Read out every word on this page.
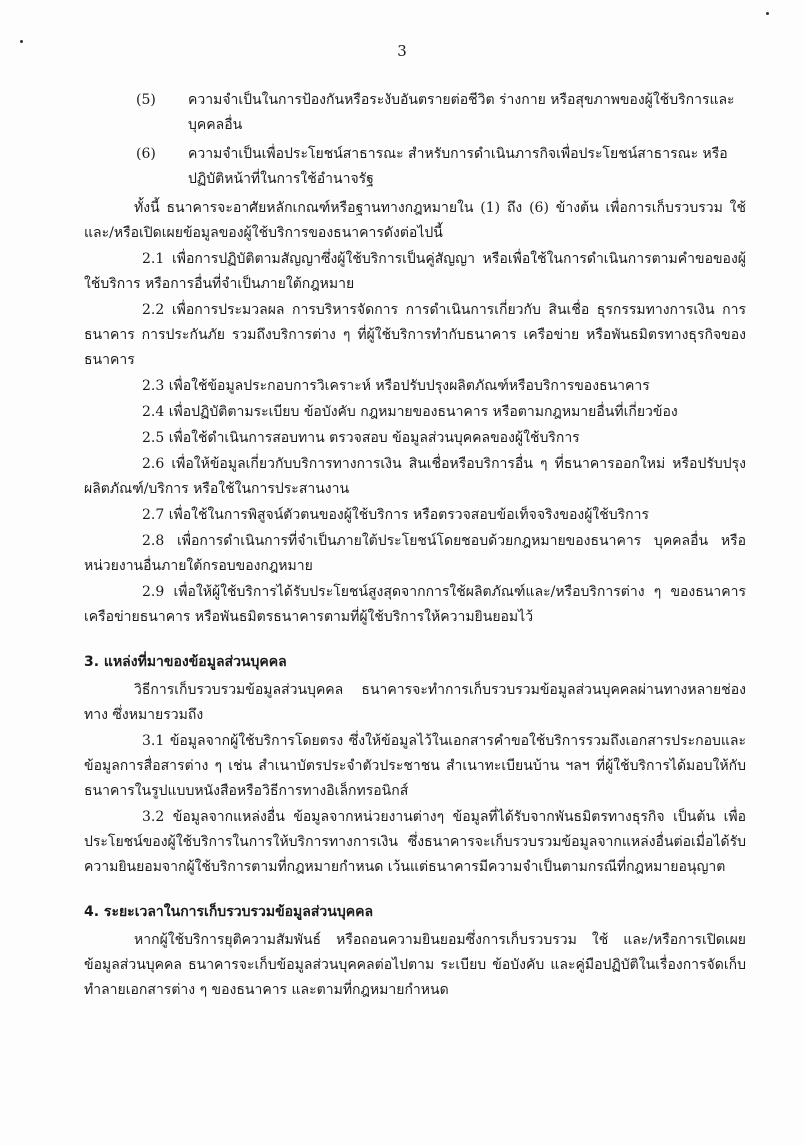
3
(5)	ความจำเป็นในการป้องกันหรือระงับอันตรายต่อชีวิต ร่างกาย หรือสุขภาพของผู้ใช้บริการและบุคคลอื่น
(6)	ความจำเป็นเพื่อประโยชน์สาธารณะ สำหรับการดำเนินภารกิจเพื่อประโยชน์สาธารณะ หรือปฏิบัติหน้าที่ในการใช้อำนาจรัฐ

ทั้งนี้ ธนาคารจะอาศัยหลักเกณฑ์หรือฐานทางกฎหมายใน (1) ถึง (6) ข้างต้น เพื่อการเก็บรวบรวม ใช้ และ/หรือเปิดเผยข้อมูลของผู้ใช้บริการของธนาคารดังต่อไปนี้

2.1 เพื่อการปฏิบัติตามสัญญาซึ่งผู้ใช้บริการเป็นคู่สัญญา หรือเพื่อใช้ในการดำเนินการตามคำขอของผู้ใช้บริการ หรือการอื่นที่จำเป็นภายใต้กฎหมาย

2.2 เพื่อการประมวลผล การบริหารจัดการ การดำเนินการเกี่ยวกับ สินเชื่อ ธุรกรรมทางการเงิน การธนาคาร การประกันภัย รวมถึงบริการต่าง ๆ ที่ผู้ใช้บริการทำกับธนาคาร เครือข่าย หรือพันธมิตรทางธุรกิจของธนาคาร

2.3 เพื่อใช้ข้อมูลประกอบการวิเคราะห์ หรือปรับปรุงผลิตภัณฑ์หรือบริการของธนาคาร

2.4 เพื่อปฏิบัติตามระเบียบ ข้อบังคับ กฎหมายของธนาคาร หรือตามกฎหมายอื่นที่เกี่ยวข้อง

2.5 เพื่อใช้ดำเนินการสอบทาน ตรวจสอบ ข้อมูลส่วนบุคคลของผู้ใช้บริการ

2.6 เพื่อให้ข้อมูลเกี่ยวกับบริการทางการเงิน สินเชื่อหรือบริการอื่น ๆ ที่ธนาคารออกใหม่ หรือปรับปรุงผลิตภัณฑ์/บริการ หรือใช้ในการประสานงาน

2.7 เพื่อใช้ในการพิสูจน์ตัวตนของผู้ใช้บริการ หรือตรวจสอบข้อเท็จจริงของผู้ใช้บริการ

2.8 เพื่อการดำเนินการที่จำเป็นภายใต้ประโยชน์โดยชอบด้วยกฎหมายของธนาคาร บุคคลอื่น หรือหน่วยงานอื่นภายใต้กรอบของกฎหมาย

2.9 เพื่อให้ผู้ใช้บริการได้รับประโยชน์สูงสุดจากการใช้ผลิตภัณฑ์และ/หรือบริการต่าง ๆ ของธนาคาร เครือข่ายธนาคาร หรือพันธมิตรธนาคารตามที่ผู้ใช้บริการให้ความยินยอมไว้

3. แหล่งที่มาของข้อมูลส่วนบุคคล

วิธีการเก็บรวบรวมข้อมูลส่วนบุคคล ธนาคารจะทำการเก็บรวบรวมข้อมูลส่วนบุคคลผ่านทางหลายช่องทาง ซึ่งหมายรวมถึง

3.1 ข้อมูลจากผู้ใช้บริการโดยตรง ซึ่งให้ข้อมูลไว้ในเอกสารคำขอใช้บริการรวมถึงเอกสารประกอบและข้อมูลการสื่อสารต่าง ๆ เช่น สำเนาบัตรประจำตัวประชาชน สำเนาทะเบียนบ้าน ฯลฯ ที่ผู้ใช้บริการได้มอบให้กับธนาคารในรูปแบบหนังสือหรือวิธีการทางอิเล็กทรอนิกส์

3.2 ข้อมูลจากแหล่งอื่น ข้อมูลจากหน่วยงานต่างๆ ข้อมูลที่ได้รับจากพันธมิตรทางธุรกิจ เป็นต้น เพื่อประโยชน์ของผู้ใช้บริการในการให้บริการทางการเงิน ซึ่งธนาคารจะเก็บรวบรวมข้อมูลจากแหล่งอื่นต่อเมื่อได้รับความยินยอมจากผู้ใช้บริการตามที่กฎหมายกำหนด เว้นแต่ธนาคารมีความจำเป็นตามกรณีที่กฎหมายอนุญาต

4. ระยะเวลาในการเก็บรวบรวมข้อมูลส่วนบุคคล

หากผู้ใช้บริการยุติความสัมพันธ์ หรือถอนความยินยอมซึ่งการเก็บรวบรวม ใช้ และ/หรือการเปิดเผยข้อมูลส่วนบุคคล ธนาคารจะเก็บข้อมูลส่วนบุคคลต่อไปตาม ระเบียบ ข้อบังคับ และคู่มือปฏิบัติในเรื่องการจัดเก็บทำลายเอกสารต่าง ๆ ของธนาคาร และตามที่กฎหมายกำหนด
